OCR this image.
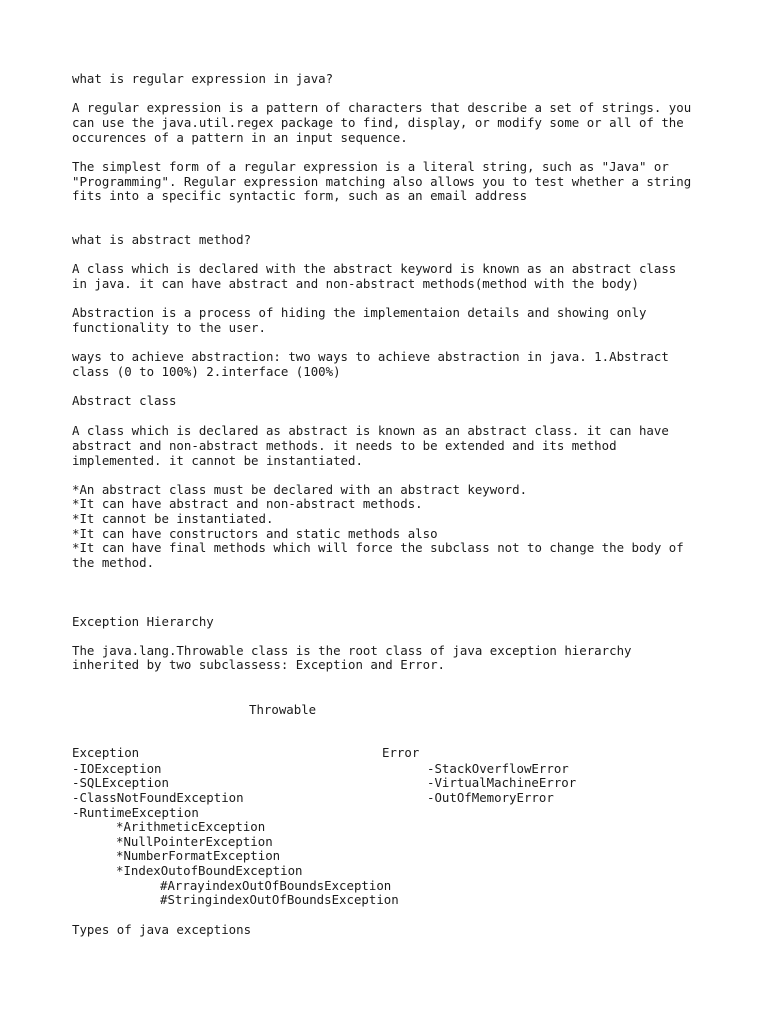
what is regular expression in java?

A regular expression is a pattern of characters that describe a set of strings. you

can use the java.util.regex package to find, display, or modify some or all of the

occurences of a pattern in an input sequence.

The simplest form of a regular expression is a literal string, such as "Java" or

"Programming". Regular expression matching also allows you to test whether a string

fits into a specific syntactic form, such as an email address

what is abstract method?

A class which is declared with the abstract keyword is known as an abstract class

in java. it can have abstract and non-abstract methods(method with the body)

Abstraction is a process of hiding the implementaion details and showing only

functionality to the user.

ways to achieve abstraction: two ways to achieve abstraction in java. 1.Abstract

class (0 to 100%) 2.interface (100%)

Abstract class

A class which is declared as abstract is known as an abstract class. it can have

abstract and non-abstract methods. it needs to be extended and its method

implemented. it cannot be instantiated.

*An abstract class must be declared with an abstract keyword.

*It can have abstract and non-abstract methods.

*It cannot be instantiated.

*It can have constructors and static methods also

*It can have final methods which will force the subclass not to change the body of

the method.

Exception Hierarchy

The java.lang.Throwable class is the root class of java exception hierarchy

inherited by two subclassess: Exception and Error.

Throwable

Exception	Error

-IOException

-SQLException

-ClassNotFoundException

-RuntimeException

-StackOverflowError

-VirtualMachineError

-OutOfMemoryError

*ArithmeticException

*NullPointerException

*NumberFormatException

*IndexOutofBoundException

#ArrayindexOutOfBoundsException

#StringindexOutOfBoundsException

Types of java exceptions
